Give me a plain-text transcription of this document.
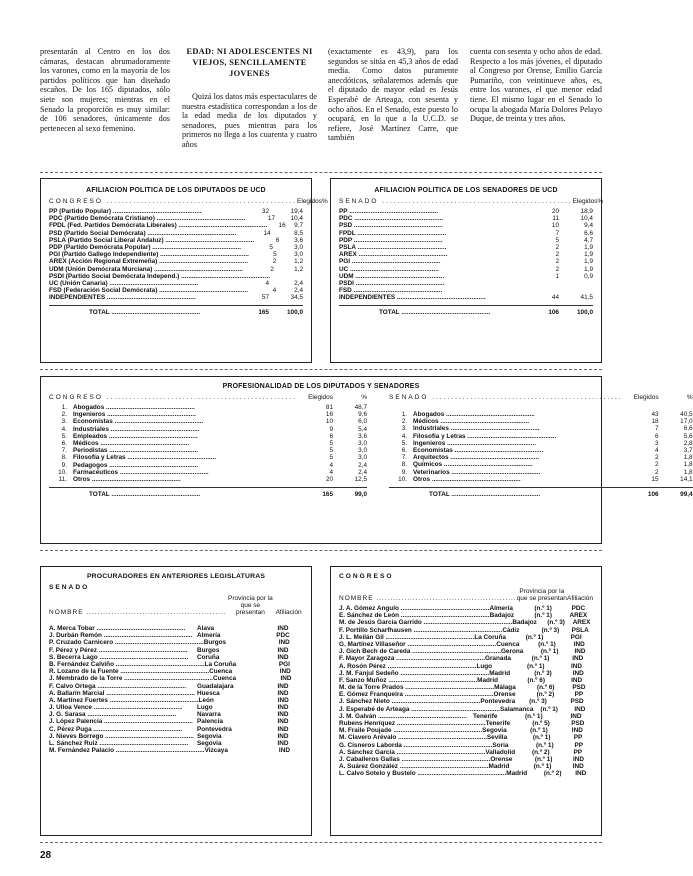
presentarán al Centro en los dos cámaras, destacan abrumadoramente los varones, como en la mayoría de los partidos políticos que han diseñado escaños. De los 165 diputados, sólo siete son mujeres; mientras en el Senado la proporción es muy similar: de 106 senadores, únicamente dos pertenecen al sexo femenino.
EDAD: NI ADOLESCENTES NI VIEJOS, SENCILLAMENTE JOVENES
Quizá los datos más espectaculares de nuestra estadística correspondan a los de la edad media de los diputados y senadores, pues mientras para los primeros no llega a los cuarenta y cuatro años
(exactamente es 43,9), para los segundos se sitúa en 45,3 años de edad media. Como datos puramente anecdóticos, señalaremos además que el diputado de mayor edad es Jesús Esperabé de Arteaga, con sesenta y ocho años. En el Senado, este puesto lo ocupará, en lo que a la U.C.D. se refiere, José Martínez Carre, que también
cuenta con sesenta y ocho años de edad. Respecto a los más jóvenes, el diputado al Congreso por Orense, Emilio García Pumariño, con veintinueve años, es, entre los varones, el que menor edad tiene. El mismo lugar en el Senado lo ocupa la abogada María Dolores Pelayo Duque, de treinta y tres años.
AFILIACION POLITICA DE LOS DIPUTADOS DE UCD
CONGRESO .....	Elegidos %
PP (Partido Popular) .....	32	19,4
PDC (Partido Demócrata Cristiano) .....	17	10,4
FPDL (Fed. Partidos Demócrata Liberales) .....	16	9,7
PSD (Partido Social Demócrata) .....	14	8,5
PSLA (Partido Social Liberal Andaluz) .....	6	3,6
PDP (Partido Demócrata Popular) .....	5	3,0
PGI (Partido Gallego Independiente) .....	5	3,0
AREX (Acción Regional Extremeña) .....	2	1,2
UDM (Unión Demócrata Murciana) .....	2	1,2
PSDI (Partido Social Demócrata Independ.) .....
UC (Unión Canaria) .....	4	2,4
FSD (Federación Social Demócrata) .....	4	2,4
INDEPENDIENTES .....	57	34,5
TOTAL .....	165	100,0
AFILIACION POLITICA DE LOS SENADORES DE UCD
SENADO .....	Elegidos %
PP .....	20	18,9
PDC .....	11	10,4
PSD .....	10	9,4
FPDL .....	7	6,6
PDP .....	5	4,7
PSLA .....	2	1,9
AREX .....	2	1,9
PGI .....	2	1,9
UC .....	2	1,9
UDM .....	1	0,9
PSDI .....
FSD .....
INDEPENDIENTES .....	44	41,5
TOTAL .....	106	100,0
PROFESIONALIDAD DE LOS DIPUTADOS Y SENADORES
CONGRESO .....	Elegidos	%
1. Abogados .....	81	48,7
2. Ingenieros .....	16	9,6
3. Economistas .....	10	6,0
4. Industriales .....	9	5,4
5. Empleados .....	6	3,6
6. Médicos .....	5	3,0
7. Periodistas .....	5	3,0
8. Filosofía y Letras .....	5	3,0
9. Pedagogos .....	4	2,4
10. Farmacéuticos .....	4	2,4
11. Otros .....	20	12,5
TOTAL .....	165	99,0
SENADO .....	Elegidos	%
1. Abogados .....	43	40,5
2. Médicos .....	18	17,0
3. Industriales .....	7	6,6
4. Filosofía y Letras .....	6	5,6
5. Ingenieros .....	3	2,8
6. Economistas .....	4	3,7
7. Arquitectos .....	2	1,8
8. Químicos .....	2	1,8
9. Veterinarios .....	2	1,8
10. Otros .....	15	14,1
TOTAL .....	106	99,4
PROCURADORES EN ANTERIORES LEGISLATURAS
SENADO
NOMBRE .....
Provincia por la que se presentan	Afiliación
A. Merca Tobar .....	Alava	IND
J. Durbán Remón .....	Almería	PDC
P. Cruzado Carnicero .....	Burgos	IND
F. Pérez y Pérez .....	Burgos	IND
S. Becerra Lago .....	Coruña	IND
B. Fernández Calviño .....	La Coruña	PGI
R. Lozano de la Fuente .....	Cuenca	IND
J. Membrado de la Torre .....	Cuenca	IND
F. Calvo Ortega .....	Guadalajara	IND
A. Ballarín Marcial .....	Huesca	IND
A. Martínez Fuertes .....	León	IND
J. Ulloa Vence .....	Lugo	IND
J. G. Sarasa .....	Navarra	IND
J. López Palencia .....	Palencia	IND
C. Pérez Puga .....	Pontevedra	IND
J. Nieves Borrego .....	Segovia	IND
L. Sánchez Ruiz .....	Segovia	IND
M. Fernández Palacio .....	Vizcaya	IND
CONGRESO
NOMBRE .....
Provincia por la que se presentan Afiliación
J. A. Gómez Angulo .....	Almería	(n.º 1)	PDC
E. Sánchez de León .....	Badajoz	(n.º 1)	AREX
M. de Jesús García Garrido .....	Badajoz	(n.º 3)	AREX
F. Portillo Scharfhausen .....	Cádiz	(n.º 3)	PSLA
J. L. Meilán Gil .....	La Coruña	(n.º 1)	PGI
G. Martínez Villaseñor .....	Cuenca	(n.º 1)	IND
J. Gich Bech de Careda .....	Gerona	(n.º 1)	IND
F. Mayor Zaragoza .....	Granada	(n.º 1)	IND
A. Rosón Pérez .....	Lugo	(n.º 1)	IND
J. M. Fanjul Sedeño .....	Madrid	(n.º 3)	IND
F. Sanzo Muñoz .....	Madrid	(n.º 6)	IND
M. de la Torre Prados .....	Málaga	(n.º 6)	PSD
E. Gómez Franqueira .....	Orense	(n.º 2)	PP
J. Sánchez Nieto .....	Pontevedra	(n.º 3)	PSD
J. Esperabé de Arteaga .....	Salamanca	(n.º 1)	IND
J. M. Galván .....	Tenerife	(n.º 1)	IND
Rubens Henríquez .....	Tenerife	(n.º 5)	PSD
M. Fraile Poujade .....	Segovia	(n.º 1)	IND
M. Clavero Arévalo .....	Sevilla	(n.º 1)	PP
G. Cisneros Laborda .....	Soria	(n.º 1)	PP
A. Sánchez García .....	Valladolid	(n.º 2)	PP
J. Caballeros Gallas .....	Orense	(n.º 1)	IND
A. Suárez González .....	Madrid	(n.º 1)	IND
L. Calvo Sotelo y Bustelo .....	Madrid	(n.º 2)	IND
28
